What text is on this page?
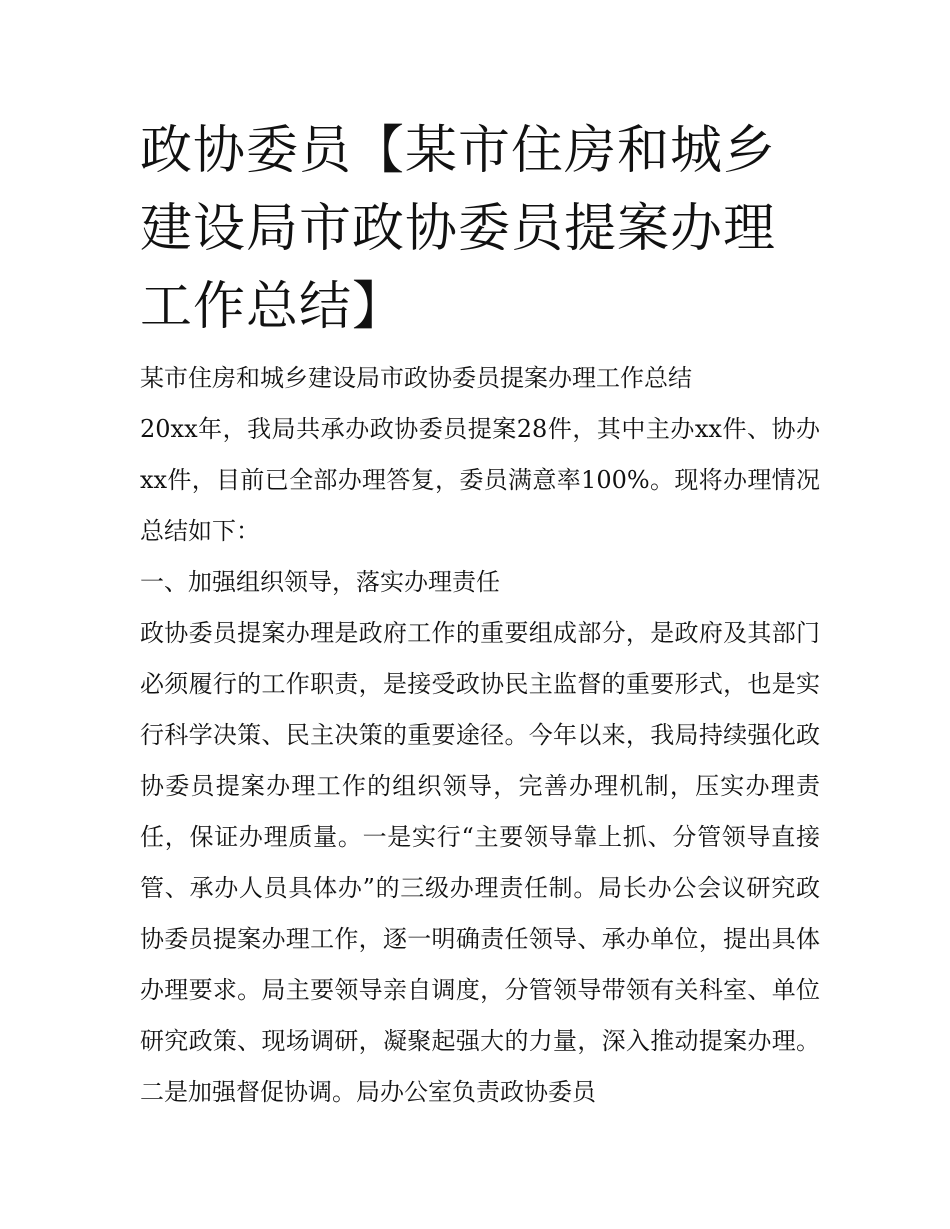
政协委员【某市住房和城乡建设局市政协委员提案办理工作总结】

某市住房和城乡建设局市政协委员提案办理工作总结

20xx年，我局共承办政协委员提案28件，其中主办xx件、协办xx件，目前已全部办理答复，委员满意率100%。现将办理情况总结如下：

一、加强组织领导，落实办理责任

政协委员提案办理是政府工作的重要组成部分，是政府及其部门必须履行的工作职责，是接受政协民主监督的重要形式，也是实行科学决策、民主决策的重要途径。今年以来，我局持续强化政协委员提案办理工作的组织领导，完善办理机制，压实办理责任，保证办理质量。一是实行“主要领导靠上抓、分管领导直接管、承办人员具体办”的三级办理责任制。局长办公会议研究政协委员提案办理工作，逐一明确责任领导、承办单位，提出具体办理要求。局主要领导亲自调度，分管领导带领有关科室、单位研究政策、现场调研，凝聚起强大的力量，深入推动提案办理。二是加强督促协调。局办公室负责政协委员
